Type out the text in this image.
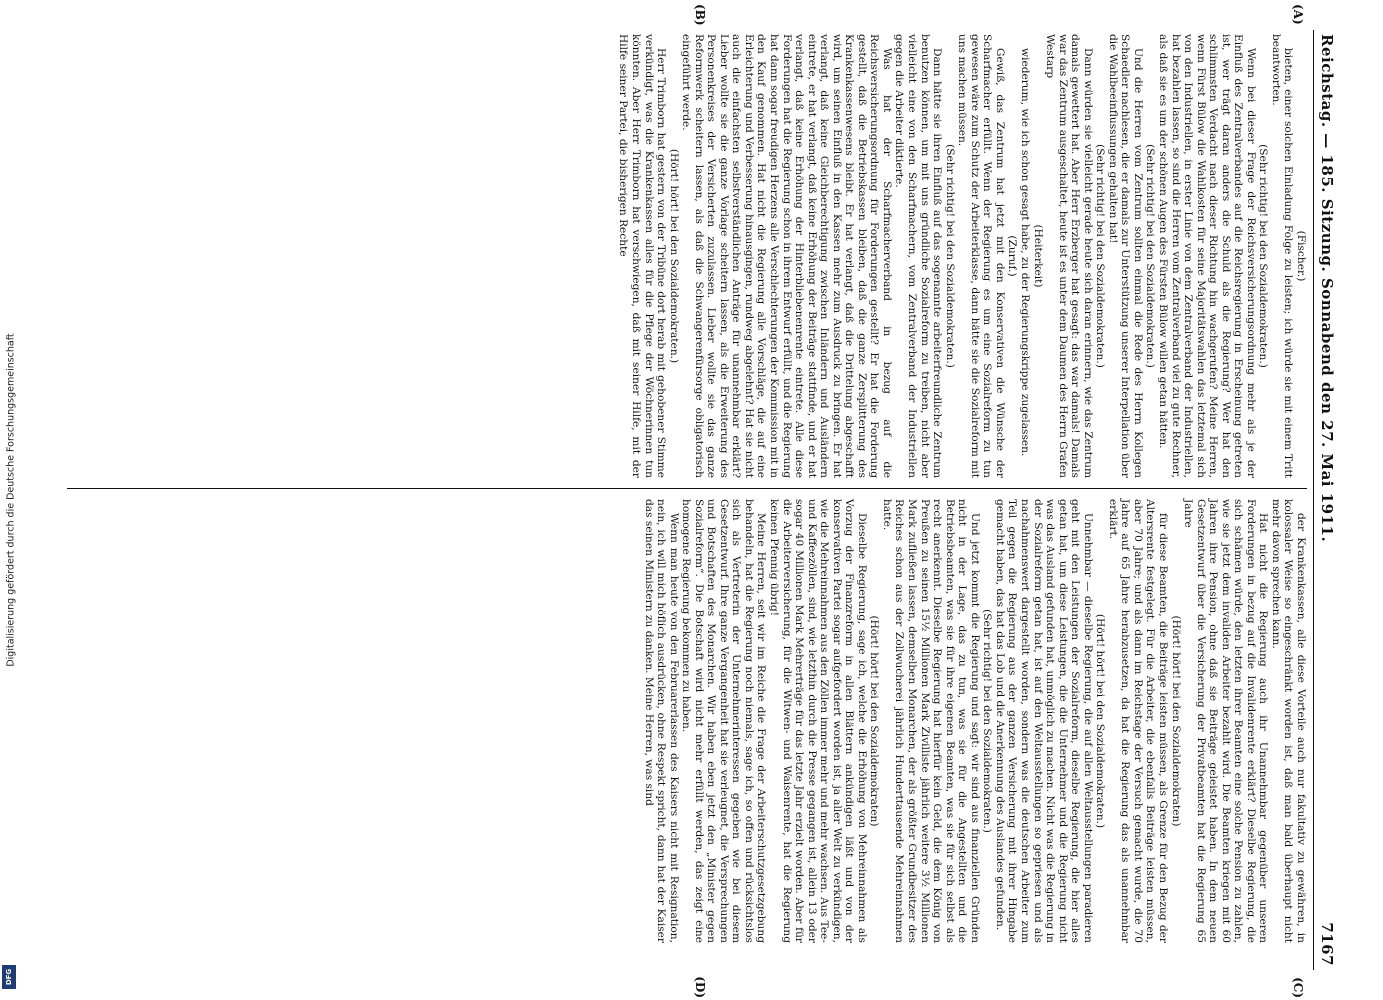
Reichstag. — 185. Sitzung. Sonnabend den 27. Mai 1911.
7167

(Fischer.)

bieten, einer solchen Einladung Folge zu leisten; ich würde sie mit einem Tritt beantworten.

(Sehr richtig! bei den Sozialdemokraten.)

Wenn bei dieser Frage der Reichsversicherungsordnung mehr als je der Einfluß des Zentralverbandes auf die Reichsregierung in Erscheinung getreten ist, wer trägt daran anders die Schuld als die Regierung? Wer hat den schlimmsten Verdacht nach dieser Richtung hin wachgerufen? Meine Herren, wenn Fürst Bülow die Wahlkosten für seine Majoritätswahlen das letztemal sich von den Industriellen, in erster Linie von dem Zentralverband der Industriellen, hat bezahlen lassen, so sind die Herren vom Zentralverband viel zu gute Rechner, als daß sie es um der schönen Augen des Fürsten Bülow willen getan hätten.

(Sehr richtig! bei den Sozialdemokraten.)

Und die Herren vom Zentrum sollten einmal die Rede des Herrn Kollegen Schaedler nachlesen, die er damals zur Unterstützung unserer Interpellation über die Wahlbeeinflussungen gehalten hat!

(Sehr richtig! bei den Sozialdemokraten.)

Dann würden sie vielleicht gerade heute sich daran erinnern, wie das Zentrum damals gewettert hat. Aber Herr Erzberger hat gesagt: das war damals! Damals war das Zentrum ausgeschaltet, heute ist es unter dem Daumen des Herrn Grafen Westarp

(Heiterkeit)

wiederum, wie ich schon gesagt habe, zu der Regierungskrippe zugelassen.

(Zuruf.)

Gewiß, das Zentrum hat jetzt mit den Konservativen die Wünsche der Scharfmacher erfüllt. Wenn der Regierung es um eine Sozialreform zu tun gewesen wäre zum Schutz der Arbeiterklasse, dann hätte sie die Sozialreform mit uns machen müssen.

(Sehr richtig! bei den Sozialdemokraten.)

Dann hätte sie ihren Einfluß auf das sogenannte arbeiterfreundliche Zentrum benutzen können, um mit uns gründliche Sozialreform zu treiben, nicht aber vielleicht eine von den Scharfmachern, vom Zentralverband der Industriellen gegen die Arbeiter diktierte.

Was hat der Scharfmacherverband in bezug auf die Reichsversicherungsordnung für Forderungen gestellt? Er hat die Forderung gestellt, daß die Betriebskassen bleiben, daß die ganze Zersplitterung des Krankenkassenwesens bleibt. Er hat verlangt, daß die Drittelung abgeschafft wird, um seinen Einfluß in den Kassen mehr zum Ausdruck zu bringen. Er hat verlangt, daß keine Gleichberechtigung zwischen Inländern und Ausländern eintrete, er hat verlangt, daß keine Erhöhung der Beiträge stattfinde, und er hat verlangt, daß keine Erhöhung der Hinterbliebenenrente eintrete. Alle diese Forderungen hat die Regierung schon in ihrem Entwurf erfüllt, und die Regierung hat dann sogar freudigen Herzens alle Verschlechterungen der Kommission mit in den Kauf genommen. Hat nicht die Regierung alle Vorschläge, die auf eine Erleichterung und Verbesserung hinausgingen, rundweg abgelehnt? Hat sie nicht auch die einfachsten selbstverständlichen Anträge für unannehmbar erklärt? Lieber wollte sie die ganze Vorlage scheitern lassen, als die Erweiterung des Personenkreises der Versicherten zuzulassen. Lieber wollte sie das ganze Reformwerk scheitern lassen, als daß die Schwangerenfürsorge obligatorisch eingeführt werde.

(Hört! hört! bei den Sozialdemokraten.)

Herr Trimborn hat gestern von der Tribüne dort herab mit gehobener Stimme verkündigt, was die Krankenkassen alles für die Pflege der Wöchnerinnen tun könnten. Aber Herr Trimborn hat verschwiegen, daß mit seiner Hilfe, mit der Hilfe seiner Partei, die bisherigen Rechte

der Krankenkassen, alle diese Vorteile auch nur fakultativ zu gewähren, in kolossaler Weise so eingeschränkt worden ist, daß man bald überhaupt nicht mehr davon sprechen kann.

Hat nicht die Regierung auch ihr Unannehmbar gegenüber unseren Forderungen in bezug auf die Invalidenrente erklärt? Dieselbe Regierung, die sich schämen würde, den letzten ihrer Beamten eine solche Pension zu zahlen, wie sie jetzt dem invaliden Arbeiter bezahlt wird. Die Beamten kriegen mit 60 Jahren ihre Pension, ohne daß sie Beiträge geleistet haben. In dem neuen Gesetzentwurf über die Versicherung der Privatbeamten hat die Regierung 65 Jahre

(Hört! hört! bei den Sozialdemokraten)

für diese Beamten, die Beiträge leisten müssen, als Grenze für den Bezug der Altersrente festgelegt. Für die Arbeiter, die ebenfalls Beiträge leisten müssen, aber 70 Jahre; und als dann im Reichstage der Versuch gemacht wurde, die 70 Jahre auf 65 Jahre herabzusetzen, da hat die Regierung das als unannehmbar erklärt.

(Hört! hört! bei den Sozialdemokraten.)

Unnehmbar — dieselbe Regierung, die auf allen Weltausstellungen paradieren geht mit den Leistungen der Sozialreform, dieselbe Regierung, die hier alles getan hat, um diese Leistungen, die die Unternehmer und die Regierung nicht was das Ausland gefunden hat, unmöglich zu machen. Nicht was die Regierung in der Sozialreform getan hat, ist auf den Weltausstellungen so gepriesen und als nachahmenswert dargestellt worden, sondern was die deutschen Arbeiter zum Teil gegen die Regierung aus der ganzen Versicherung mit ihrer Hingabe gemacht haben, das hat das Lob und die Anerkennung des Auslandes gefunden.

(Sehr richtig! bei den Sozialdemokraten.)

Und jetzt kommt die Regierung und sagt: wir sind aus finanziellen Gründen nicht in der Lage, das zu tun, was sie für die Angestellten und die Betriebsbeamten, was sie für ihre eigenen Beamten, was sie für sich selbst als recht anerkennt. Dieselbe Regierung hat hierfür kein Geld, die dem König von Preußen zu seinen 15½ Millionen Mark Zivilliste jährlich weitere 3½ Millionen Mark zufließen lassen, demselben Monarchen, der als größter Grundbesitzer des Reiches schon aus der Zollwucherei jährlich Hunderttausende Mehreinnahmen hatte.

(Hört! hört! bei den Sozialdemokraten)

Dieselbe Regierung, sage ich, welche die Erhöhung von Mehreinnahmen als Vorzug der Finanzreform in allen Blättern ankündigen läßt und von der konservativen Partei sogar aufgefordert worden ist, ja aller Welt zu verkündigen, wie die Mehreinnahmen aus den Zöllen immer mehr und mehr wachsen. Aus Tee- und Kaffeezöllen, sind, wie letzthin durch die Presse gegangen ist, allein 13 oder sogar 40 Millionen Mark Mehrerträge für das letzte Jahr erzielt worden. Aber für die Arbeiterversicherung, für die Witwen- und Waisenrente, hat die Regierung keinen Pfennig übrig!

Meine Herren, seit wir im Reiche die Frage der Arbeiterschutzgesetzgebung behandeln, hat die Regierung noch niemals, sage ich, so offen und rücksichtslos sich als Vertreterin der Unternehmerinteressen gegeben wie bei diesem Gesetzentwurf. Ihre ganze Vergangenheit hat sie verleugnet, die Versprechungen und Botschaften des Monarchen. Wir haben eben jetzt den „Minister gegen Sozialreform“. Die Botschaft wird nicht mehr erfüllt werden, das zeigt eine homogene Regierung bekommen zu haben.

Wenn man heute von den Februarerlassen des Kaisers nicht mit Resignation, nein, ich will mich höflich ausdrücken, ohne Respekt spricht, dann hat der Kaiser das seinen Ministern zu danken. Meine Herren, was sind

(A)
(B)
(C)
(D)
Digitalisierung gefördert durch die Deutsche Forschungsgemeinschaft
DFG
